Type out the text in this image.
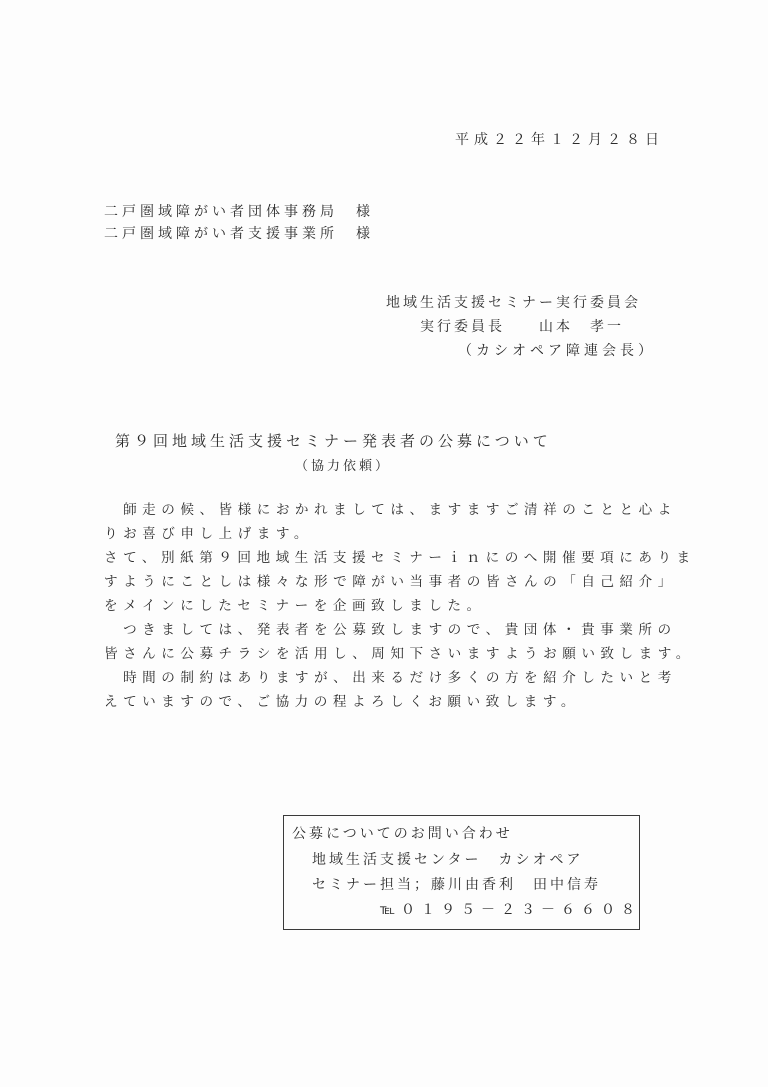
平成２２年１２月２８日
二戸圏域障がい者団体事務局　様
二戸圏域障がい者支援事業所　様
地域生活支援セミナー実行委員会
実行委員長　　山本　孝一
（カシオペア障連会長）
第９回地域生活支援セミナー発表者の公募について
（協力依頼）
　師走の候、皆様におかれましては、ますますご清祥のことと心よ
りお喜び申し上げます。
さて、別紙第９回地域生活支援セミナーｉｎにのへ開催要項にありま
すようにことしは様々な形で障がい当事者の皆さんの「自己紹介」
をメインにしたセミナーを企画致しました。
　つきましては、発表者を公募致しますので、貴団体・貴事業所の
皆さんに公募チラシを活用し、周知下さいますようお願い致します。
　時間の制約はありますが、出来るだけ多くの方を紹介したいと考
えていますので、ご協力の程よろしくお願い致します。
公募についてのお問い合わせ
地域生活支援センター　カシオペア
セミナー担当；藤川由香利　田中信寿
℡０１９５－２３－６６０８
